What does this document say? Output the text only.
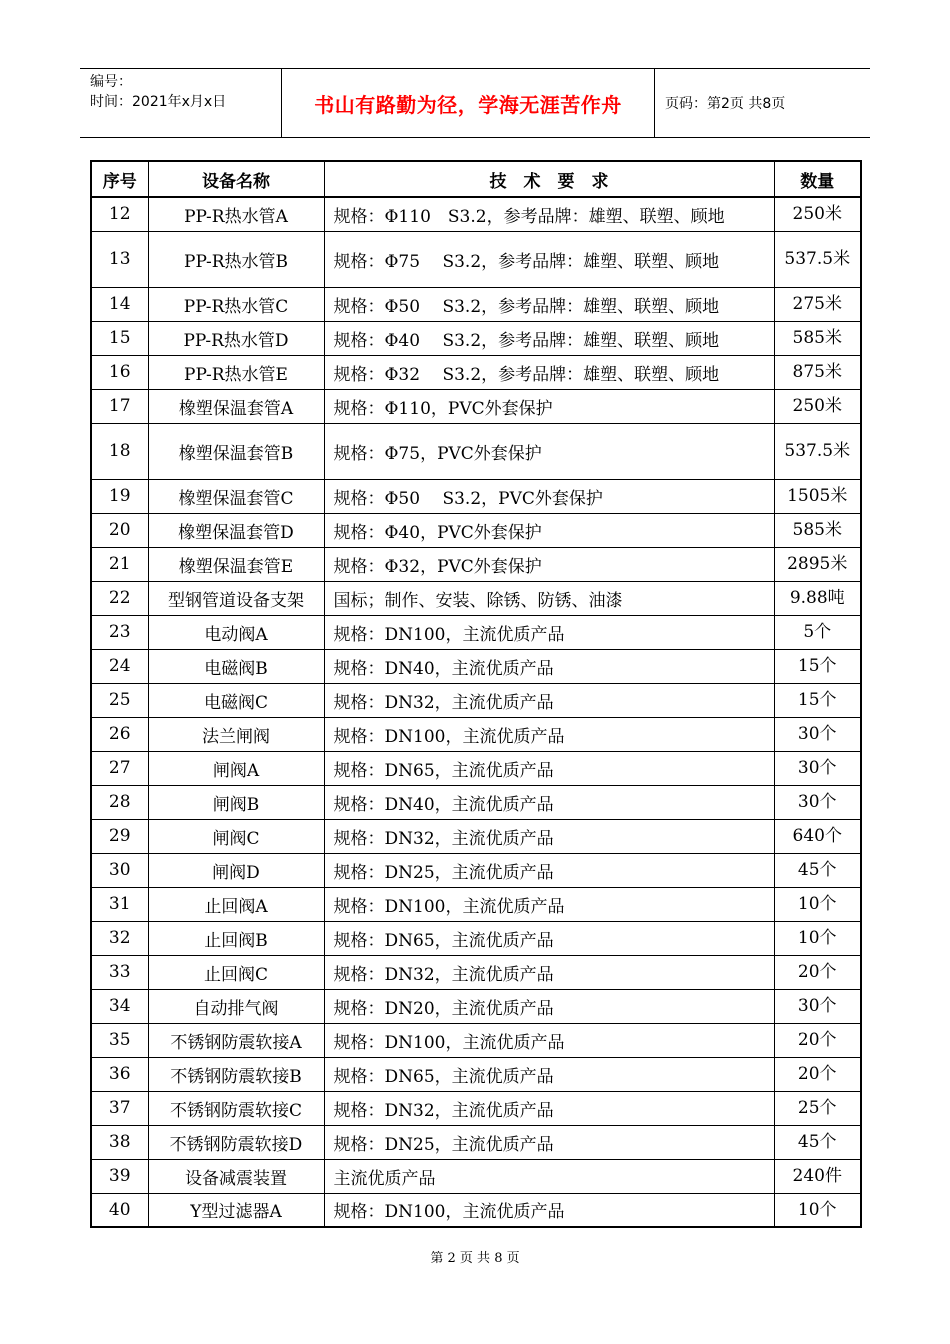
编号：
时间：2021年x月x日	书山有路勤为径，学海无涯苦作舟	页码：第2页 共8页
序号	设备名称	技　术　要　求	数量
12	PP-R热水管A	规格：Φ110　S3.2，参考品牌：雄塑、联塑、顾地	250米
13	PP-R热水管B	规格：Φ75　 S3.2，参考品牌：雄塑、联塑、顾地	537.5米
14	PP-R热水管C	规格：Φ50　 S3.2，参考品牌：雄塑、联塑、顾地	275米
15	PP-R热水管D	规格：Φ40　 S3.2，参考品牌：雄塑、联塑、顾地	585米
16	PP-R热水管E	规格：Φ32　 S3.2，参考品牌：雄塑、联塑、顾地	875米
17	橡塑保温套管A	规格：Φ110，PVC外套保护	250米
18	橡塑保温套管B	规格：Φ75，PVC外套保护	537.5米
19	橡塑保温套管C	规格：Φ50　 S3.2，PVC外套保护	1505米
20	橡塑保温套管D	规格：Φ40，PVC外套保护	585米
21	橡塑保温套管E	规格：Φ32，PVC外套保护	2895米
22	型钢管道设备支架	国标；制作、安装、除锈、防锈、油漆	9.88吨
23	电动阀A	规格：DN100，主流优质产品	5个
24	电磁阀B	规格：DN40，主流优质产品	15个
25	电磁阀C	规格：DN32，主流优质产品	15个
26	法兰闸阀	规格：DN100，主流优质产品	30个
27	闸阀A	规格：DN65，主流优质产品	30个
28	闸阀B	规格：DN40，主流优质产品	30个
29	闸阀C	规格：DN32，主流优质产品	640个
30	闸阀D	规格：DN25，主流优质产品	45个
31	止回阀A	规格：DN100，主流优质产品	10个
32	止回阀B	规格：DN65，主流优质产品	10个
33	止回阀C	规格：DN32，主流优质产品	20个
34	自动排气阀	规格：DN20，主流优质产品	30个
35	不锈钢防震软接A	规格：DN100，主流优质产品	20个
36	不锈钢防震软接B	规格：DN65，主流优质产品	20个
37	不锈钢防震软接C	规格：DN32，主流优质产品	25个
38	不锈钢防震软接D	规格：DN25，主流优质产品	45个
39	设备减震装置	主流优质产品	240件
40	Y型过滤器A	规格：DN100，主流优质产品	10个
第 2 页 共 8 页
